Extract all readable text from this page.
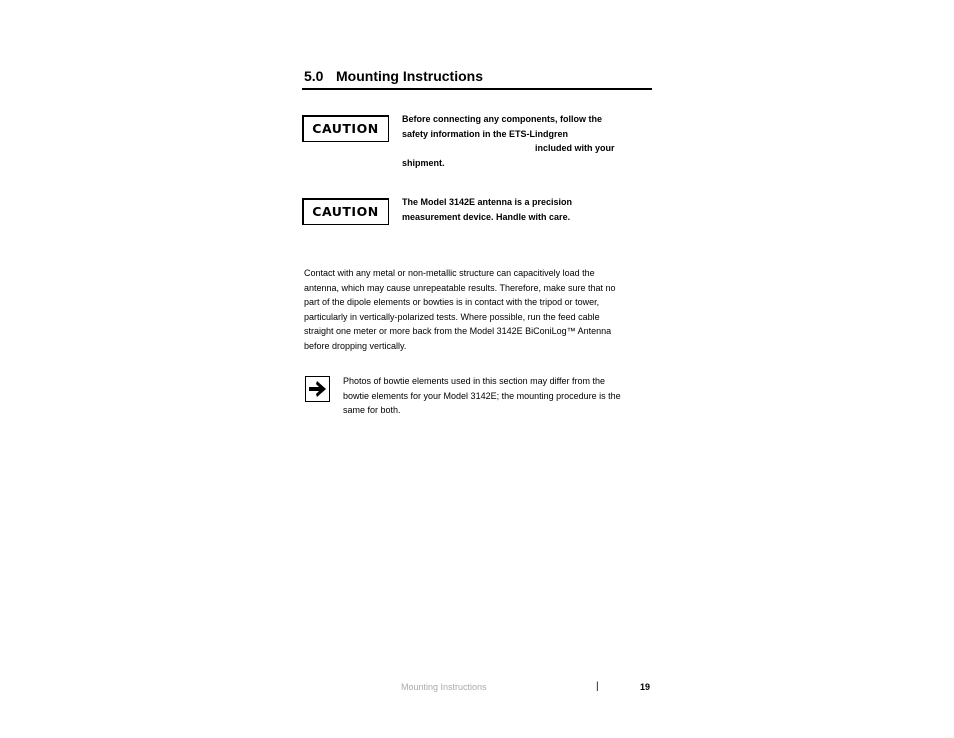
5.0 Mounting Instructions
CAUTION
Before connecting any components, follow the
safety information in the ETS-Lindgren
included with your
shipment.
CAUTION
The Model 3142E antenna is a precision
measurement device. Handle with care.
Contact with any metal or non-metallic structure can capacitively load the
antenna, which may cause unrepeatable results. Therefore, make sure that no
part of the dipole elements or bowties is in contact with the tripod or tower,
particularly in vertically-polarized tests. Where possible, run the feed cable
straight one meter or more back from the Model 3142E BiConiLog™ Antenna
before dropping vertically.
Photos of bowtie elements used in this section may differ from the
bowtie elements for your Model 3142E; the mounting procedure is the
same for both.
Mounting Instructions	|	19
